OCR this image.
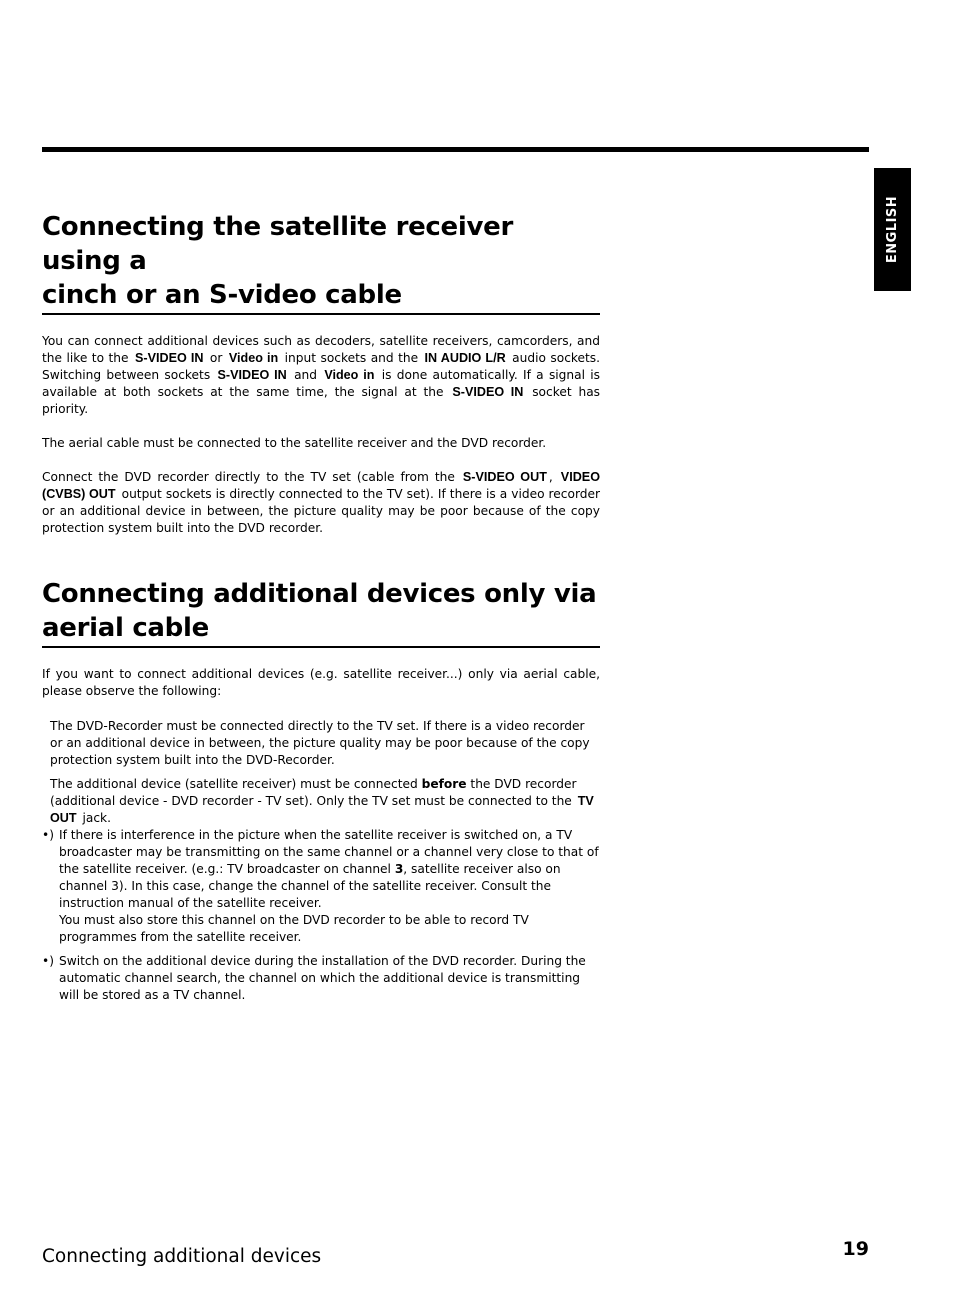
ENGLISH
Connecting the satellite receiver using a
cinch or an S-video cable

You can connect additional devices such as decoders, satellite receivers, camcorders, and the like to the S-VIDEO IN or Video in input sockets and the IN AUDIO L/R audio sockets. Switching between sockets S-VIDEO IN and Video in is done automatically. If a signal is available at both sockets at the same time, the signal at the S-VIDEO IN socket has priority.

The aerial cable must be connected to the satellite receiver and the DVD recorder.

Connect the DVD recorder directly to the TV set (cable from the S-VIDEO OUT , VIDEO (CVBS) OUT output sockets is directly connected to the TV set). If there is a video recorder or an additional device in between, the picture quality may be poor because of the copy protection system built into the DVD recorder.

Connecting additional devices only via
aerial cable

If you want to connect additional devices (e.g. satellite receiver...) only via aerial cable, please observe the following:

The DVD-Recorder must be connected directly to the TV set. If there is a video recorder or an additional device in between, the picture quality may be poor because of the copy protection system built into the DVD-Recorder.

The additional device (satellite receiver) must be connected before the DVD recorder (additional device - DVD recorder - TV set). Only the TV set must be connected to the TV OUT jack.

•) If there is interference in the picture when the satellite receiver is switched on, a TV broadcaster may be transmitting on the same channel or a channel very close to that of the satellite receiver. (e.g.: TV broadcaster on channel 3, satellite receiver also on channel 3). In this case, change the channel of the satellite receiver. Consult the instruction manual of the satellite receiver.

You must also store this channel on the DVD recorder to be able to record TV programmes from the satellite receiver.

•) Switch on the additional device during the installation of the DVD recorder. During the automatic channel search, the channel on which the additional device is transmitting will be stored as a TV channel.

Connecting additional devices	19
